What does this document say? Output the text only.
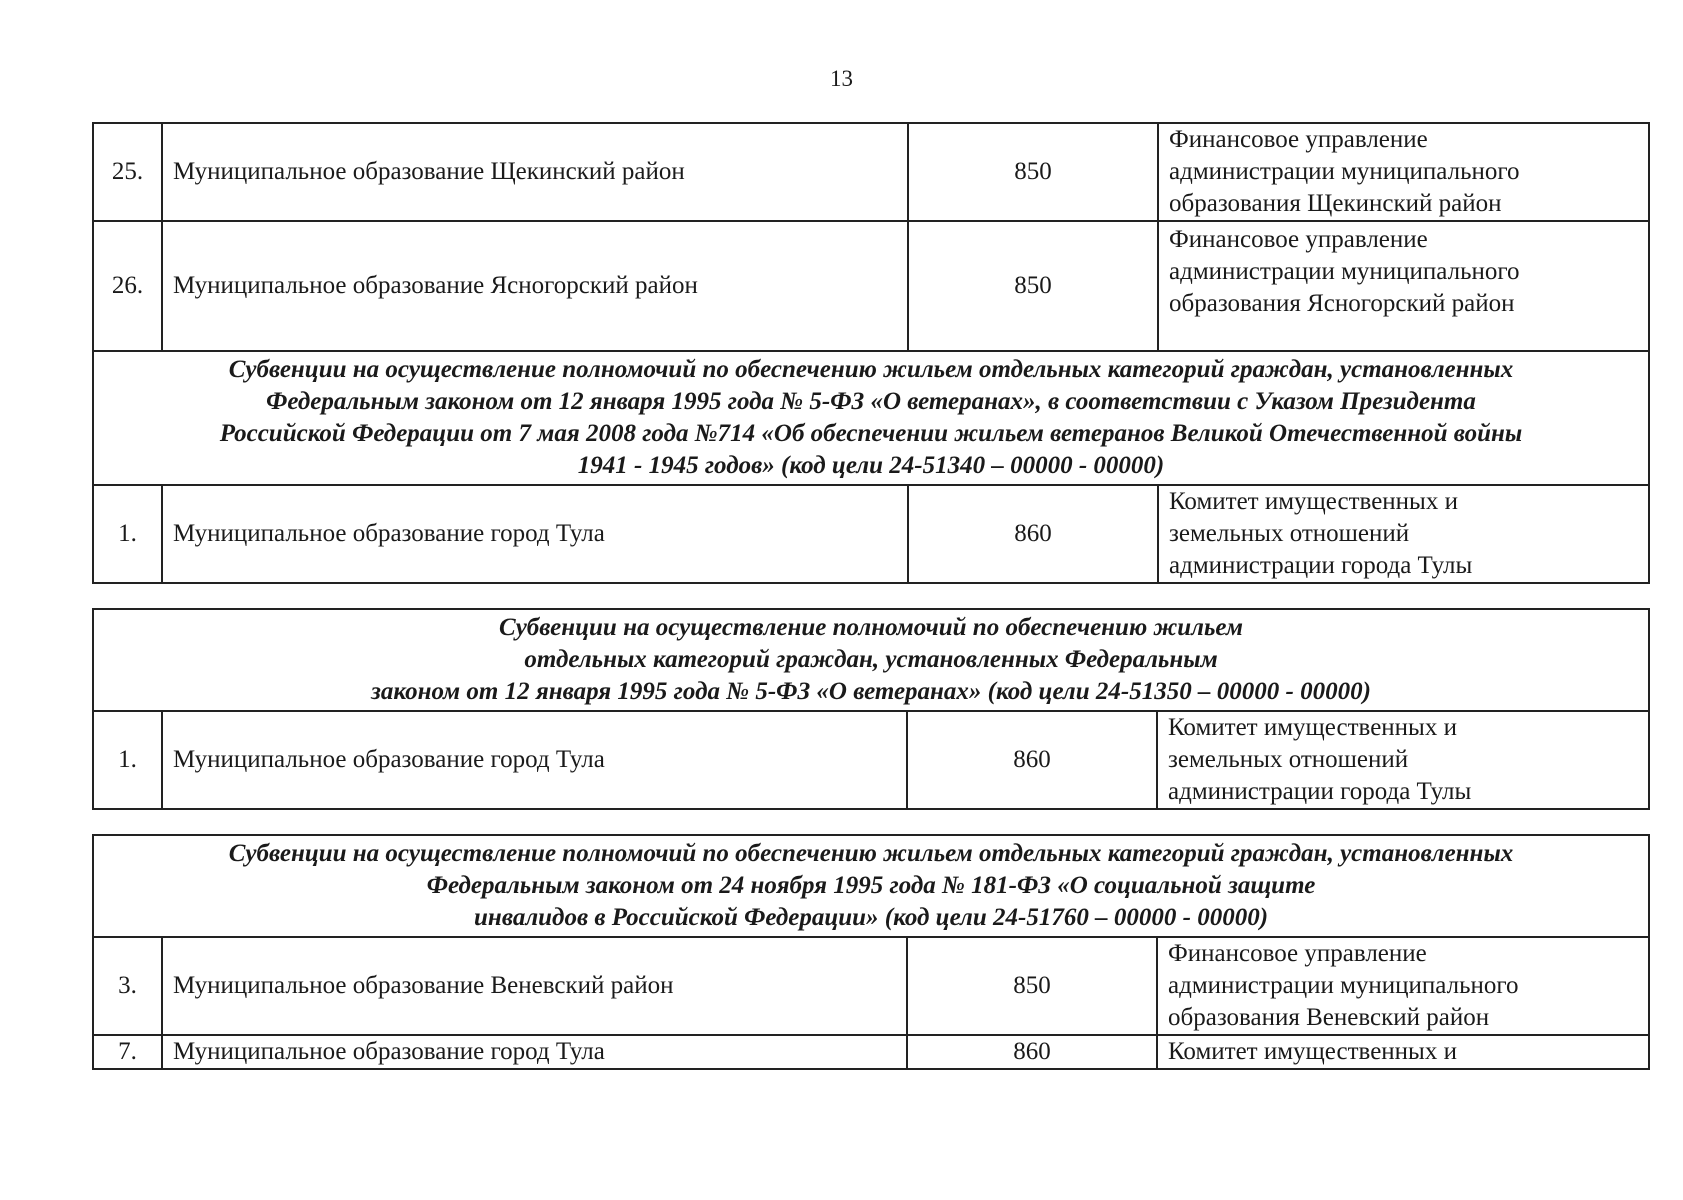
13
25.	Муниципальное образование Щекинский район	850	Финансовое управление
администрации муниципального
образования Щекинский район

26.	Муниципальное образование Ясногорский район	850	Финансовое управление
администрации муниципального
образования Ясногорский район

Субвенции на осуществление полномочий по обеспечению жильем отдельных категорий граждан, установленных
Федеральным законом от 12 января 1995 года № 5-ФЗ «О ветеранах», в соответствии с Указом Президента
Российской Федерации от 7 мая 2008 года №714 «Об обеспечении жильем ветеранов Великой Отечественной войны
1941 - 1945 годов» (код цели 24-51340 – 00000 - 00000)			

1.	Муниципальное образование город Тула	860	Комитет имущественных и
земельных отношений
администрации города Тулы
Субвенции на осуществление полномочий по обеспечению жильем
отдельных категорий граждан, установленных Федеральным
законом от 12 января 1995 года № 5-ФЗ «О ветеранах» (код цели 24-51350 – 00000 - 00000)

1.	Муниципальное образование город Тула	860	
Комитет имущественных и
земельных отношений
администрации города Тулы
Субвенции на осуществление полномочий по обеспечению жильем отдельных категорий граждан, установленных
Федеральным законом от 24 ноября 1995 года № 181-ФЗ «О социальной защите
инвалидов в Российской Федерации» (код цели 24-51760 – 00000 - 00000)			

3.	Муниципальное образование Веневский район	850	Финансовое управление
администрации муниципального
образования Веневский район

7.	Муниципальное образование город Тула	860	Комитет имущественных и
